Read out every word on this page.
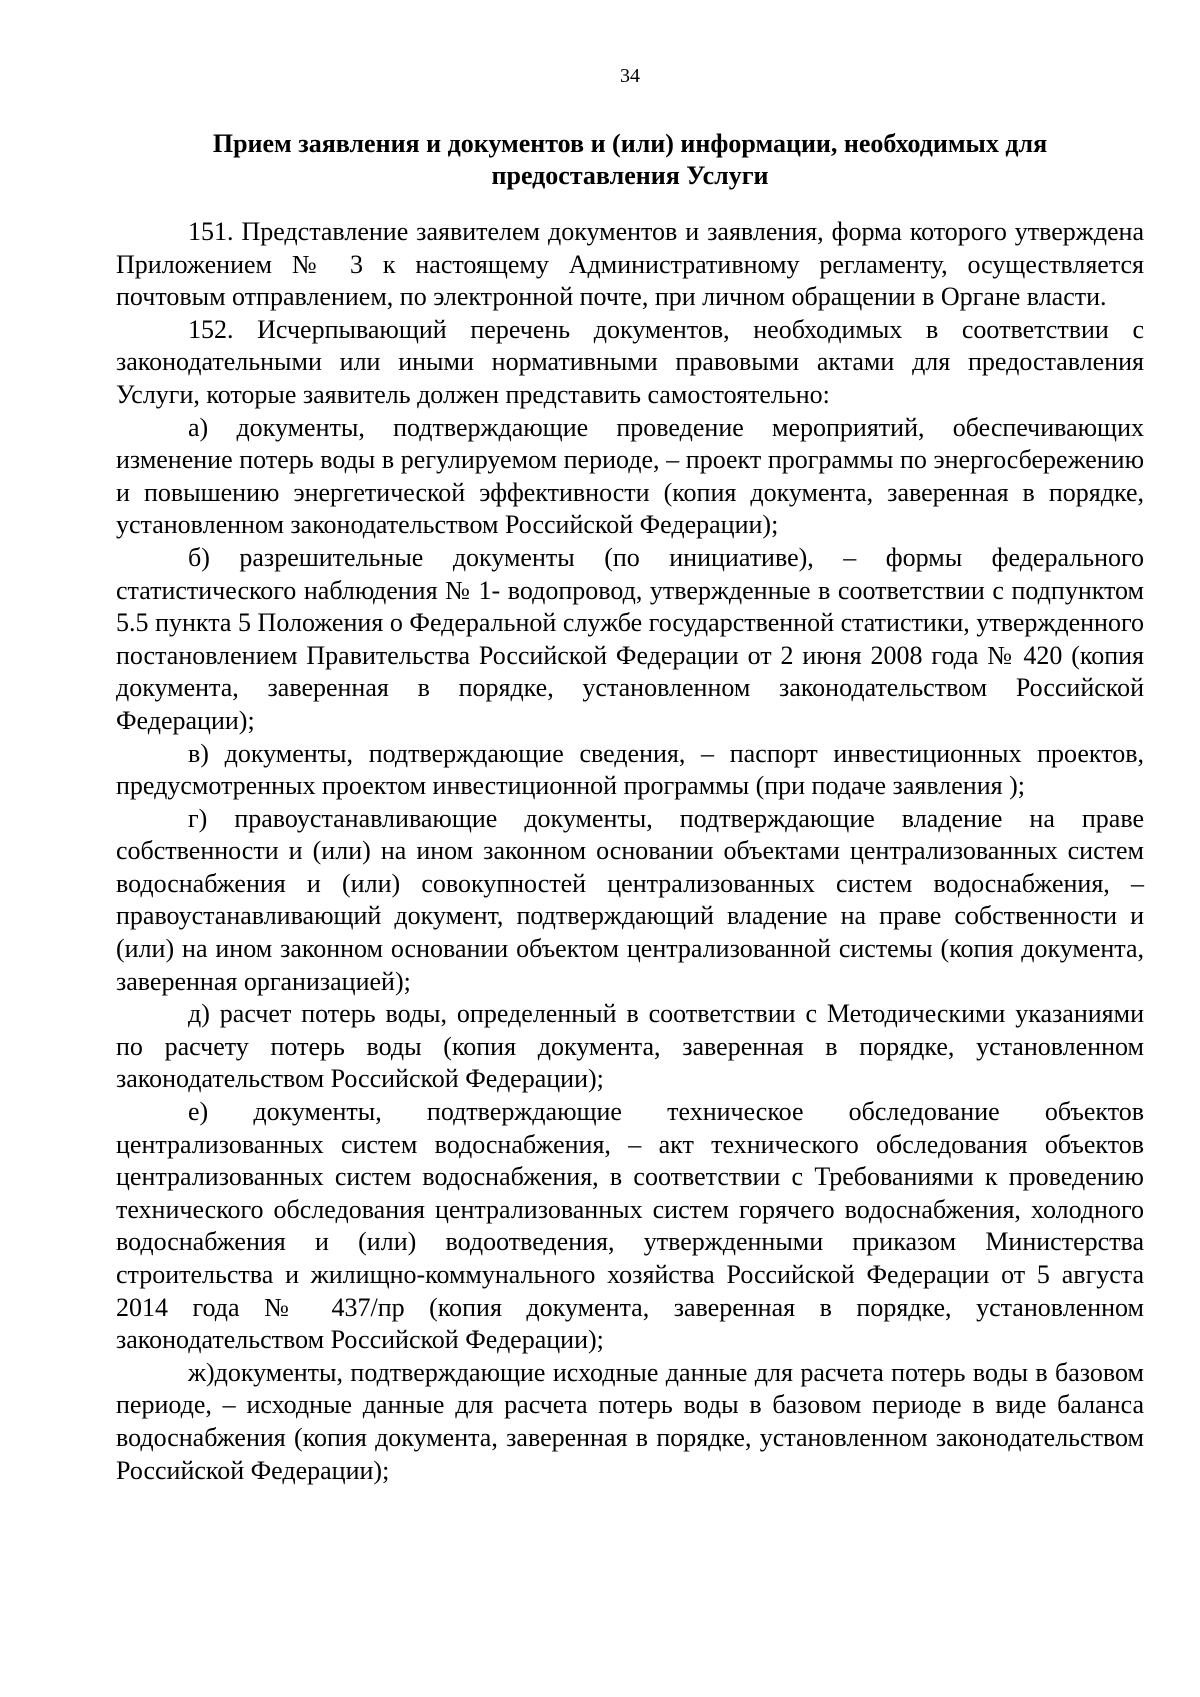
34
Прием заявления и документов и (или) информации, необходимых для
предоставления Услуги

151. Представление заявителем документов и заявления, форма которого утверждена Приложением № 3 к настоящему Административному регламенту, осуществляется почтовым отправлением, по электронной почте, при личном обращении в Органе власти.

152. Исчерпывающий перечень документов, необходимых в соответствии с законодательными или иными нормативными правовыми актами для предоставления Услуги, которые заявитель должен представить самостоятельно:

а) документы, подтверждающие проведение мероприятий, обеспечивающих изменение потерь воды в регулируемом периоде, – проект программы по энергосбережению и повышению энергетической эффективности (копия документа, заверенная в порядке, установленном законодательством Российской Федерации);

б) разрешительные документы (по инициативе), – формы федерального статистического наблюдения № 1- водопровод, утвержденные в соответствии с подпунктом 5.5 пункта 5 Положения о Федеральной службе государственной статистики, утвержденного постановлением Правительства Российской Федерации от 2 июня 2008 года № 420 (копия документа, заверенная в порядке, установленном законодательством Российской Федерации);

в) документы, подтверждающие сведения, – паспорт инвестиционных проектов, предусмотренных проектом инвестиционной программы (при подаче заявления );

г) правоустанавливающие документы, подтверждающие владение на праве собственности и (или) на ином законном основании объектами централизованных систем водоснабжения и (или) совокупностей централизованных систем водоснабжения, – правоустанавливающий документ, подтверждающий владение на праве собственности и (или) на ином законном основании объектом централизованной системы (копия документа, заверенная организацией);

д) расчет потерь воды, определенный в соответствии с Методическими указаниями по расчету потерь воды (копия документа, заверенная в порядке, установленном законодательством Российской Федерации);

е) документы, подтверждающие техническое обследование объектов централизованных систем водоснабжения, – акт технического обследования объектов централизованных систем водоснабжения, в соответствии с Требованиями к проведению технического обследования централизованных систем горячего водоснабжения, холодного водоснабжения и (или) водоотведения, утвержденными приказом Министерства строительства и жилищно-коммунального хозяйства Российской Федерации от 5 августа 2014 года № 437/пр (копия документа, заверенная в порядке, установленном законодательством Российской Федерации);

ж)документы, подтверждающие исходные данные для расчета потерь воды в базовом периоде, – исходные данные для расчета потерь воды в базовом периоде в виде баланса водоснабжения (копия документа, заверенная в порядке, установленном законодательством Российской Федерации);
